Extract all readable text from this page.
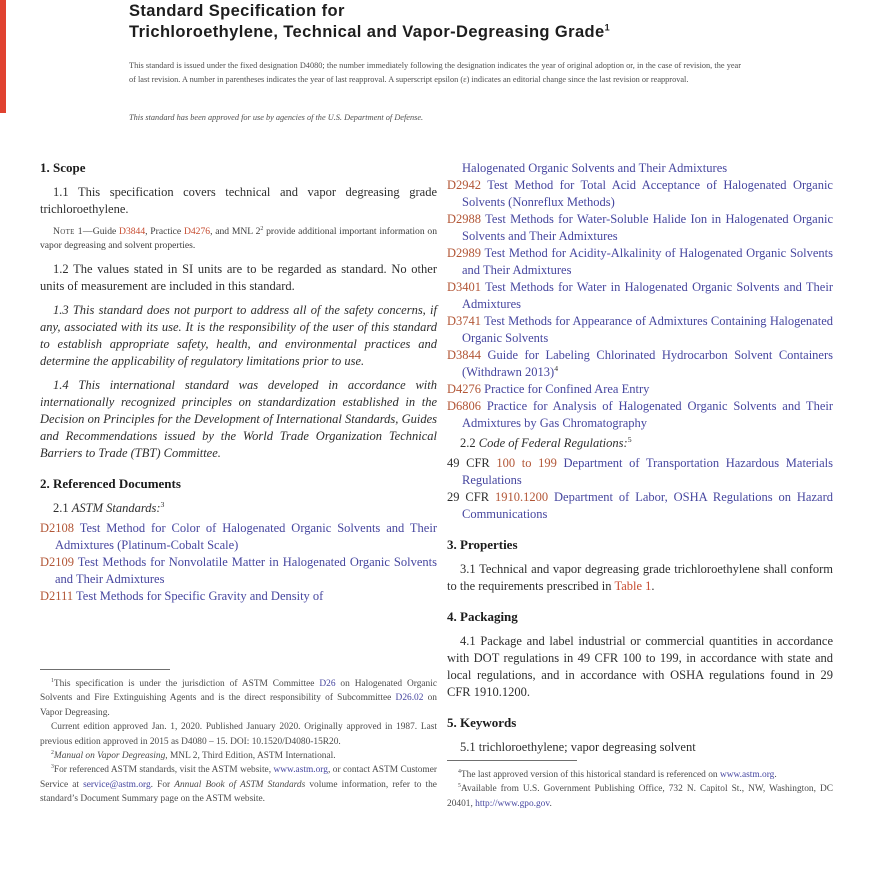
Standard Specification for
Trichloroethylene, Technical and Vapor-Degreasing Grade$^1$

This standard is issued under the fixed designation D4080; the number immediately following the designation indicates the year of original adoption or, in the case of revision, the year of last revision. A number in parentheses indicates the year of last reapproval. A superscript epsilon (ε) indicates an editorial change since the last revision or reapproval.

This standard has been approved for use by agencies of the U.S. Department of Defense.

1. Scope

1.1 This specification covers technical and vapor degreasing grade trichloroethylene.

Note 1—Guide D3844, Practice D4276, and MNL $2^2$ provide additional important information on vapor degreasing and solvent properties.

1.2 The values stated in SI units are to be regarded as standard. No other units of measurement are included in this standard.

1.3 This standard does not purport to address all of the safety concerns, if any, associated with its use. It is the responsibility of the user of this standard to establish appropriate safety, health, and environmental practices and determine the applicability of regulatory limitations prior to use.

1.4 This international standard was developed in accordance with internationally recognized principles on standardization established in the Decision on Principles for the Development of International Standards, Guides and Recommendations issued by the World Trade Organization Technical Barriers to Trade (TBT) Committee.

2. Referenced Documents

2.1 ASTM Standards:$^3$

D2108 Test Method for Color of Halogenated Organic Solvents and Their Admixtures (Platinum-Cobalt Scale)

D2109 Test Methods for Nonvolatile Matter in Halogenated Organic Solvents and Their Admixtures

D2111 Test Methods for Specific Gravity and Density of

Halogenated Organic Solvents and Their Admixtures

D2942 Test Method for Total Acid Acceptance of Halogenated Organic Solvents (Nonreflux Methods)

D2988 Test Methods for Water-Soluble Halide Ion in Halogenated Organic Solvents and Their Admixtures

D2989 Test Method for Acidity-Alkalinity of Halogenated Organic Solvents and Their Admixtures

D3401 Test Methods for Water in Halogenated Organic Solvents and Their Admixtures

D3741 Test Methods for Appearance of Admixtures Containing Halogenated Organic Solvents

D3844 Guide for Labeling Chlorinated Hydrocarbon Solvent Containers (Withdrawn 2013)$^4$

D4276 Practice for Confined Area Entry

D6806 Practice for Analysis of Halogenated Organic Solvents and Their Admixtures by Gas Chromatography

2.2 Code of Federal Regulations:$^5$

49 CFR 100 to 199 Department of Transportation Hazardous Materials Regulations

29 CFR 1910.1200 Department of Labor, OSHA Regulations on Hazard Communications

3. Properties

3.1 Technical and vapor degreasing grade trichloroethylene shall conform to the requirements prescribed in Table 1.

4. Packaging

4.1 Package and label industrial or commercial quantities in accordance with DOT regulations in 49 CFR 100 to 199, in accordance with state and local regulations, and in accordance with OSHA regulations found in 29 CFR 1910.1200.

5. Keywords

5.1 trichloroethylene; vapor degreasing solvent

$^1$This specification is under the jurisdiction of ASTM Committee D26 on Halogenated Organic Solvents and Fire Extinguishing Agents and is the direct responsibility of Subcommittee D26.02 on Vapor Degreasing.

Current edition approved Jan. 1, 2020. Published January 2020. Originally approved in 1987. Last previous edition approved in 2015 as D4080 – 15. DOI: 10.1520/D4080-15R20.

$^2$Manual on Vapor Degreasing, MNL 2, Third Edition, ASTM International.

$^3$For referenced ASTM standards, visit the ASTM website, www.astm.org, or contact ASTM Customer Service at service@astm.org. For Annual Book of ASTM Standards volume information, refer to the standard’s Document Summary page on the ASTM website.

$^4$The last approved version of this historical standard is referenced on www.astm.org.

$^5$Available from U.S. Government Publishing Office, 732 N. Capitol St., NW, Washington, DC 20401, http://www.gpo.gov.
